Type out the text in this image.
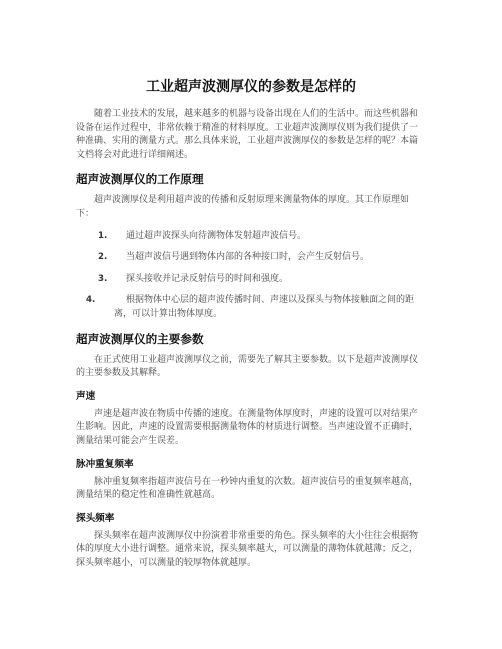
工业超声波测厚仪的参数是怎样的

随着工业技术的发展，越来越多的机器与设备出现在人们的生活中。而这些机器和设备在运作过程中，非常依赖于精准的材料厚度。工业超声波测厚仪则为我们提供了一种准确、实用的测量方式。那么具体来说，工业超声波测厚仪的参数是怎样的呢？本篇文档将会对此进行详细阐述。

超声波测厚仪的工作原理

超声波测厚仪是利用超声波的传播和反射原理来测量物体的厚度。其工作原理如下：

1.	通过超声波探头向待测物体发射超声波信号。
2.	当超声波信号遇到物体内部的各种接口时，会产生反射信号。
3.	探头接收并记录反射信号的时间和强度。
4.	根据物体中心层的超声波传播时间、声速以及探头与物体接触面之间的距离，可以计算出物体厚度。
超声波测厚仪的主要参数

在正式使用工业超声波测厚仪之前，需要先了解其主要参数。以下是超声波测厚仪的主要参数及其解释。

声速

声速是超声波在物质中传播的速度。在测量物体厚度时，声速的设置可以对结果产生影响。因此，声速的设置需要根据测量物体的材质进行调整。当声速设置不正确时，测量结果可能会产生误差。

脉冲重复频率

脉冲重复频率指超声波信号在一秒钟内重复的次数。超声波信号的重复频率越高，测量结果的稳定性和准确性就越高。

探头频率

探头频率在超声波测厚仪中扮演着非常重要的角色。探头频率的大小往往会根据物体的厚度大小进行调整。通常来说，探头频率越大，可以测量的薄物体就越薄；反之，探头频率越小，可以测量的较厚物体就越厚。
